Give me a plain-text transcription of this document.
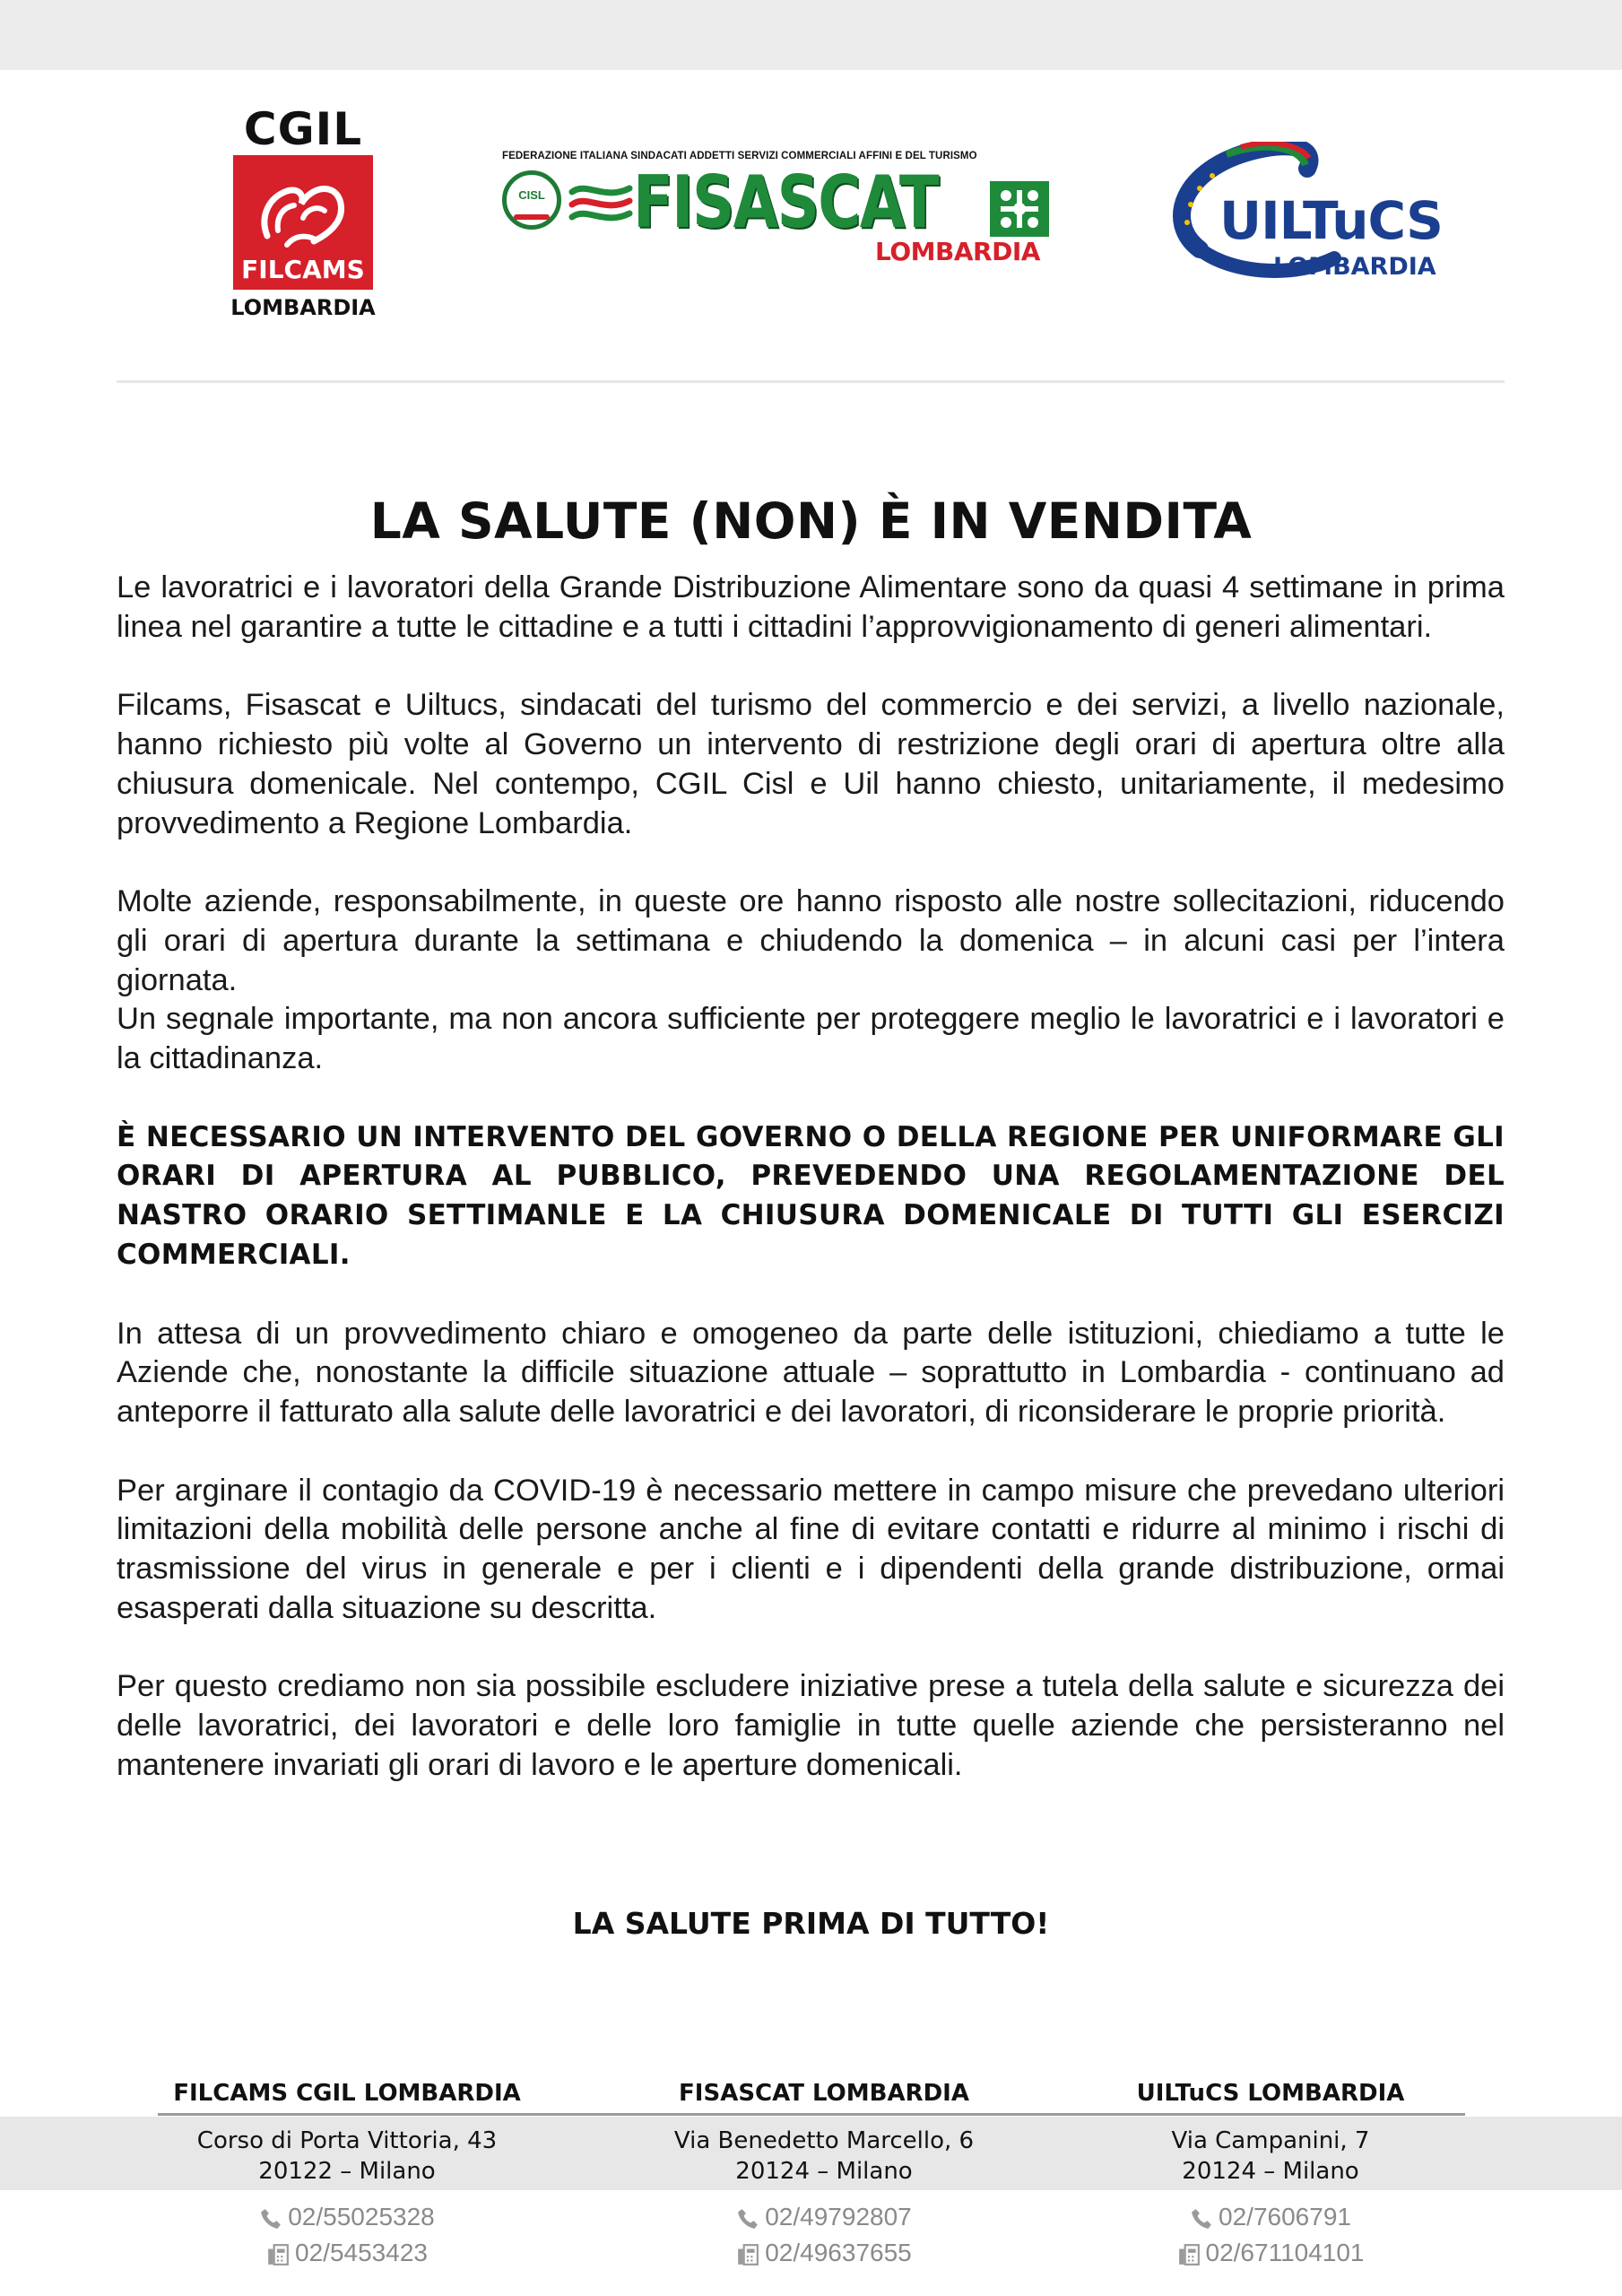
CGIL
FILCAMS
LOMBARDIA
FEDERAZIONE ITALIANA SINDACATI ADDETTI SERVIZI COMMERCIALI AFFINI E DEL TURISMO
CISL FISASCAT
LOMBARDIA
UILTuCS
LOMBARDIA
LA SALUTE (NON) È IN VENDITA

Le lavoratrici e i lavoratori della Grande Distribuzione Alimentare sono da quasi 4 settimane in prima linea nel garantire a tutte le cittadine e a tutti i cittadini l’approvvigionamento di generi alimentari.

Filcams, Fisascat e Uiltucs, sindacati del turismo del commercio e dei servizi, a livello nazionale, hanno richiesto più volte al Governo un intervento di restrizione degli orari di apertura oltre alla chiusura domenicale. Nel contempo, CGIL Cisl e Uil hanno chiesto, unitariamente, il medesimo provvedimento a Regione Lombardia.

Molte aziende, responsabilmente, in queste ore hanno risposto alle nostre sollecitazioni, riducendo gli orari di apertura durante la settimana e chiudendo la domenica – in alcuni casi per l’intera giornata.

Un segnale importante, ma non ancora sufficiente per proteggere meglio le lavoratrici e i lavoratori e la cittadinanza.

È NECESSARIO UN INTERVENTO DEL GOVERNO O DELLA REGIONE PER UNIFORMARE GLI ORARI DI APERTURA AL PUBBLICO, PREVEDENDO UNA REGOLAMENTAZIONE DEL NASTRO ORARIO SETTIMANLE E LA CHIUSURA DOMENICALE DI TUTTI GLI ESERCIZI COMMERCIALI.

In attesa di un provvedimento chiaro e omogeneo da parte delle istituzioni, chiediamo a tutte le Aziende che, nonostante la difficile situazione attuale – soprattutto in Lombardia - continuano ad anteporre il fatturato alla salute delle lavoratrici e dei lavoratori, di riconsiderare le proprie priorità.

Per arginare il contagio da COVID-19 è necessario mettere in campo misure che prevedano ulteriori limitazioni della mobilità delle persone anche al fine di evitare contatti e ridurre al minimo i rischi di trasmissione del virus in generale e per i clienti e i dipendenti della grande distribuzione, ormai esasperati dalla situazione su descritta.

Per questo crediamo non sia possibile escludere iniziative prese a tutela della salute e sicurezza dei delle lavoratrici, dei lavoratori e delle loro famiglie in tutte quelle aziende che persisteranno nel mantenere invariati gli orari di lavoro e le aperture domenicali.

LA SALUTE PRIMA DI TUTTO!
FILCAMS CGIL LOMBARDIA
Corso di Porta Vittoria, 43
20122 – Milano
02/55025328
02/5453423
FISASCAT LOMBARDIA
Via Benedetto Marcello, 6
20124 – Milano
02/49792807
02/49637655
UILTuCS LOMBARDIA
Via Campanini, 7
20124 – Milano
02/7606791
02/671104101
